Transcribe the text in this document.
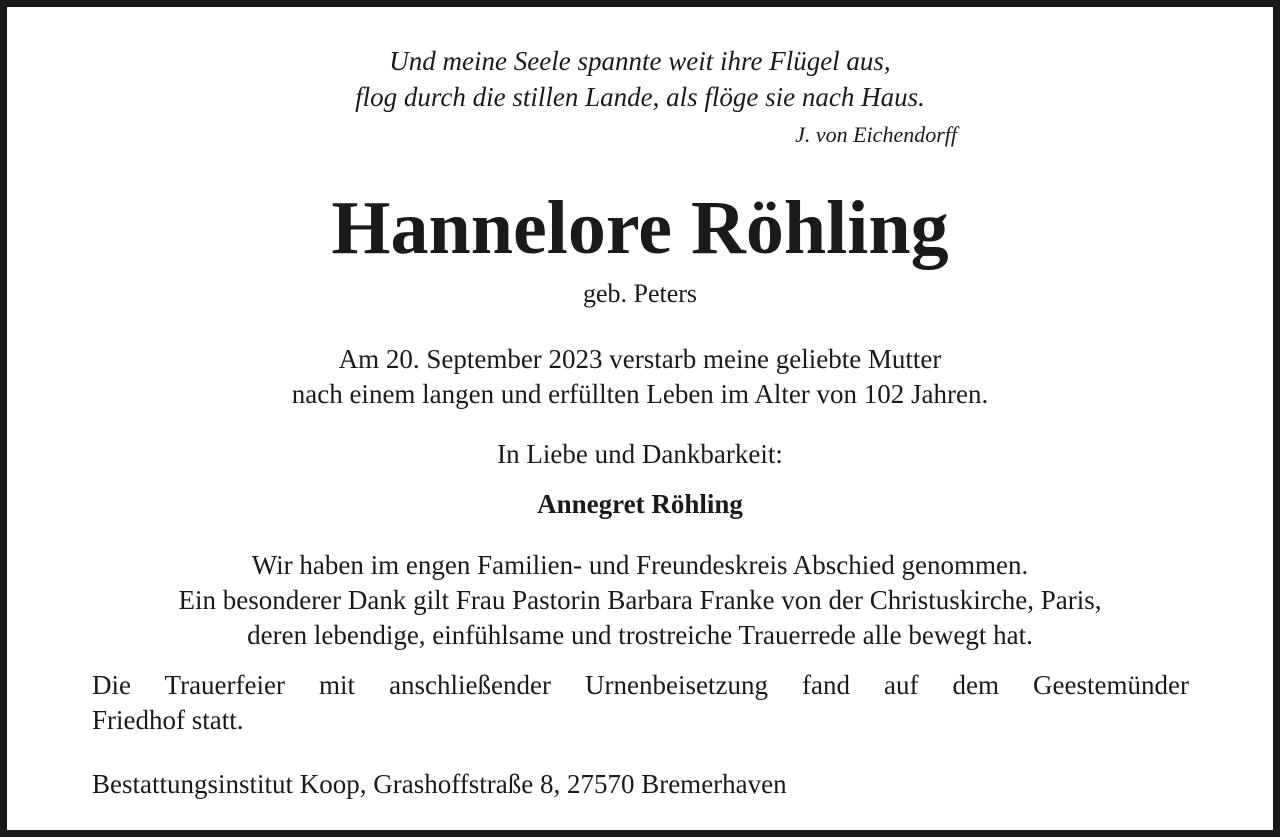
Und meine Seele spannte weit ihre Flügel aus,
flog durch die stillen Lande, als flöge sie nach Haus.
J. von Eichendorff
Hannelore Röhling
geb. Peters
Am 20. September 2023 verstarb meine geliebte Mutter
nach einem langen und erfüllten Leben im Alter von 102 Jahren.
In Liebe und Dankbarkeit:
Annegret Röhling
Wir haben im engen Familien- und Freundeskreis Abschied genommen.
Ein besonderer Dank gilt Frau Pastorin Barbara Franke von der Christuskirche, Paris,
deren lebendige, einfühlsame und trostreiche Trauerrede alle bewegt hat.
Die Trauerfeier mit anschließender Urnenbeisetzung fand auf dem Geestemünder
Friedhof statt.
Bestattungsinstitut Koop, Grashoffstraße 8, 27570 Bremerhaven
